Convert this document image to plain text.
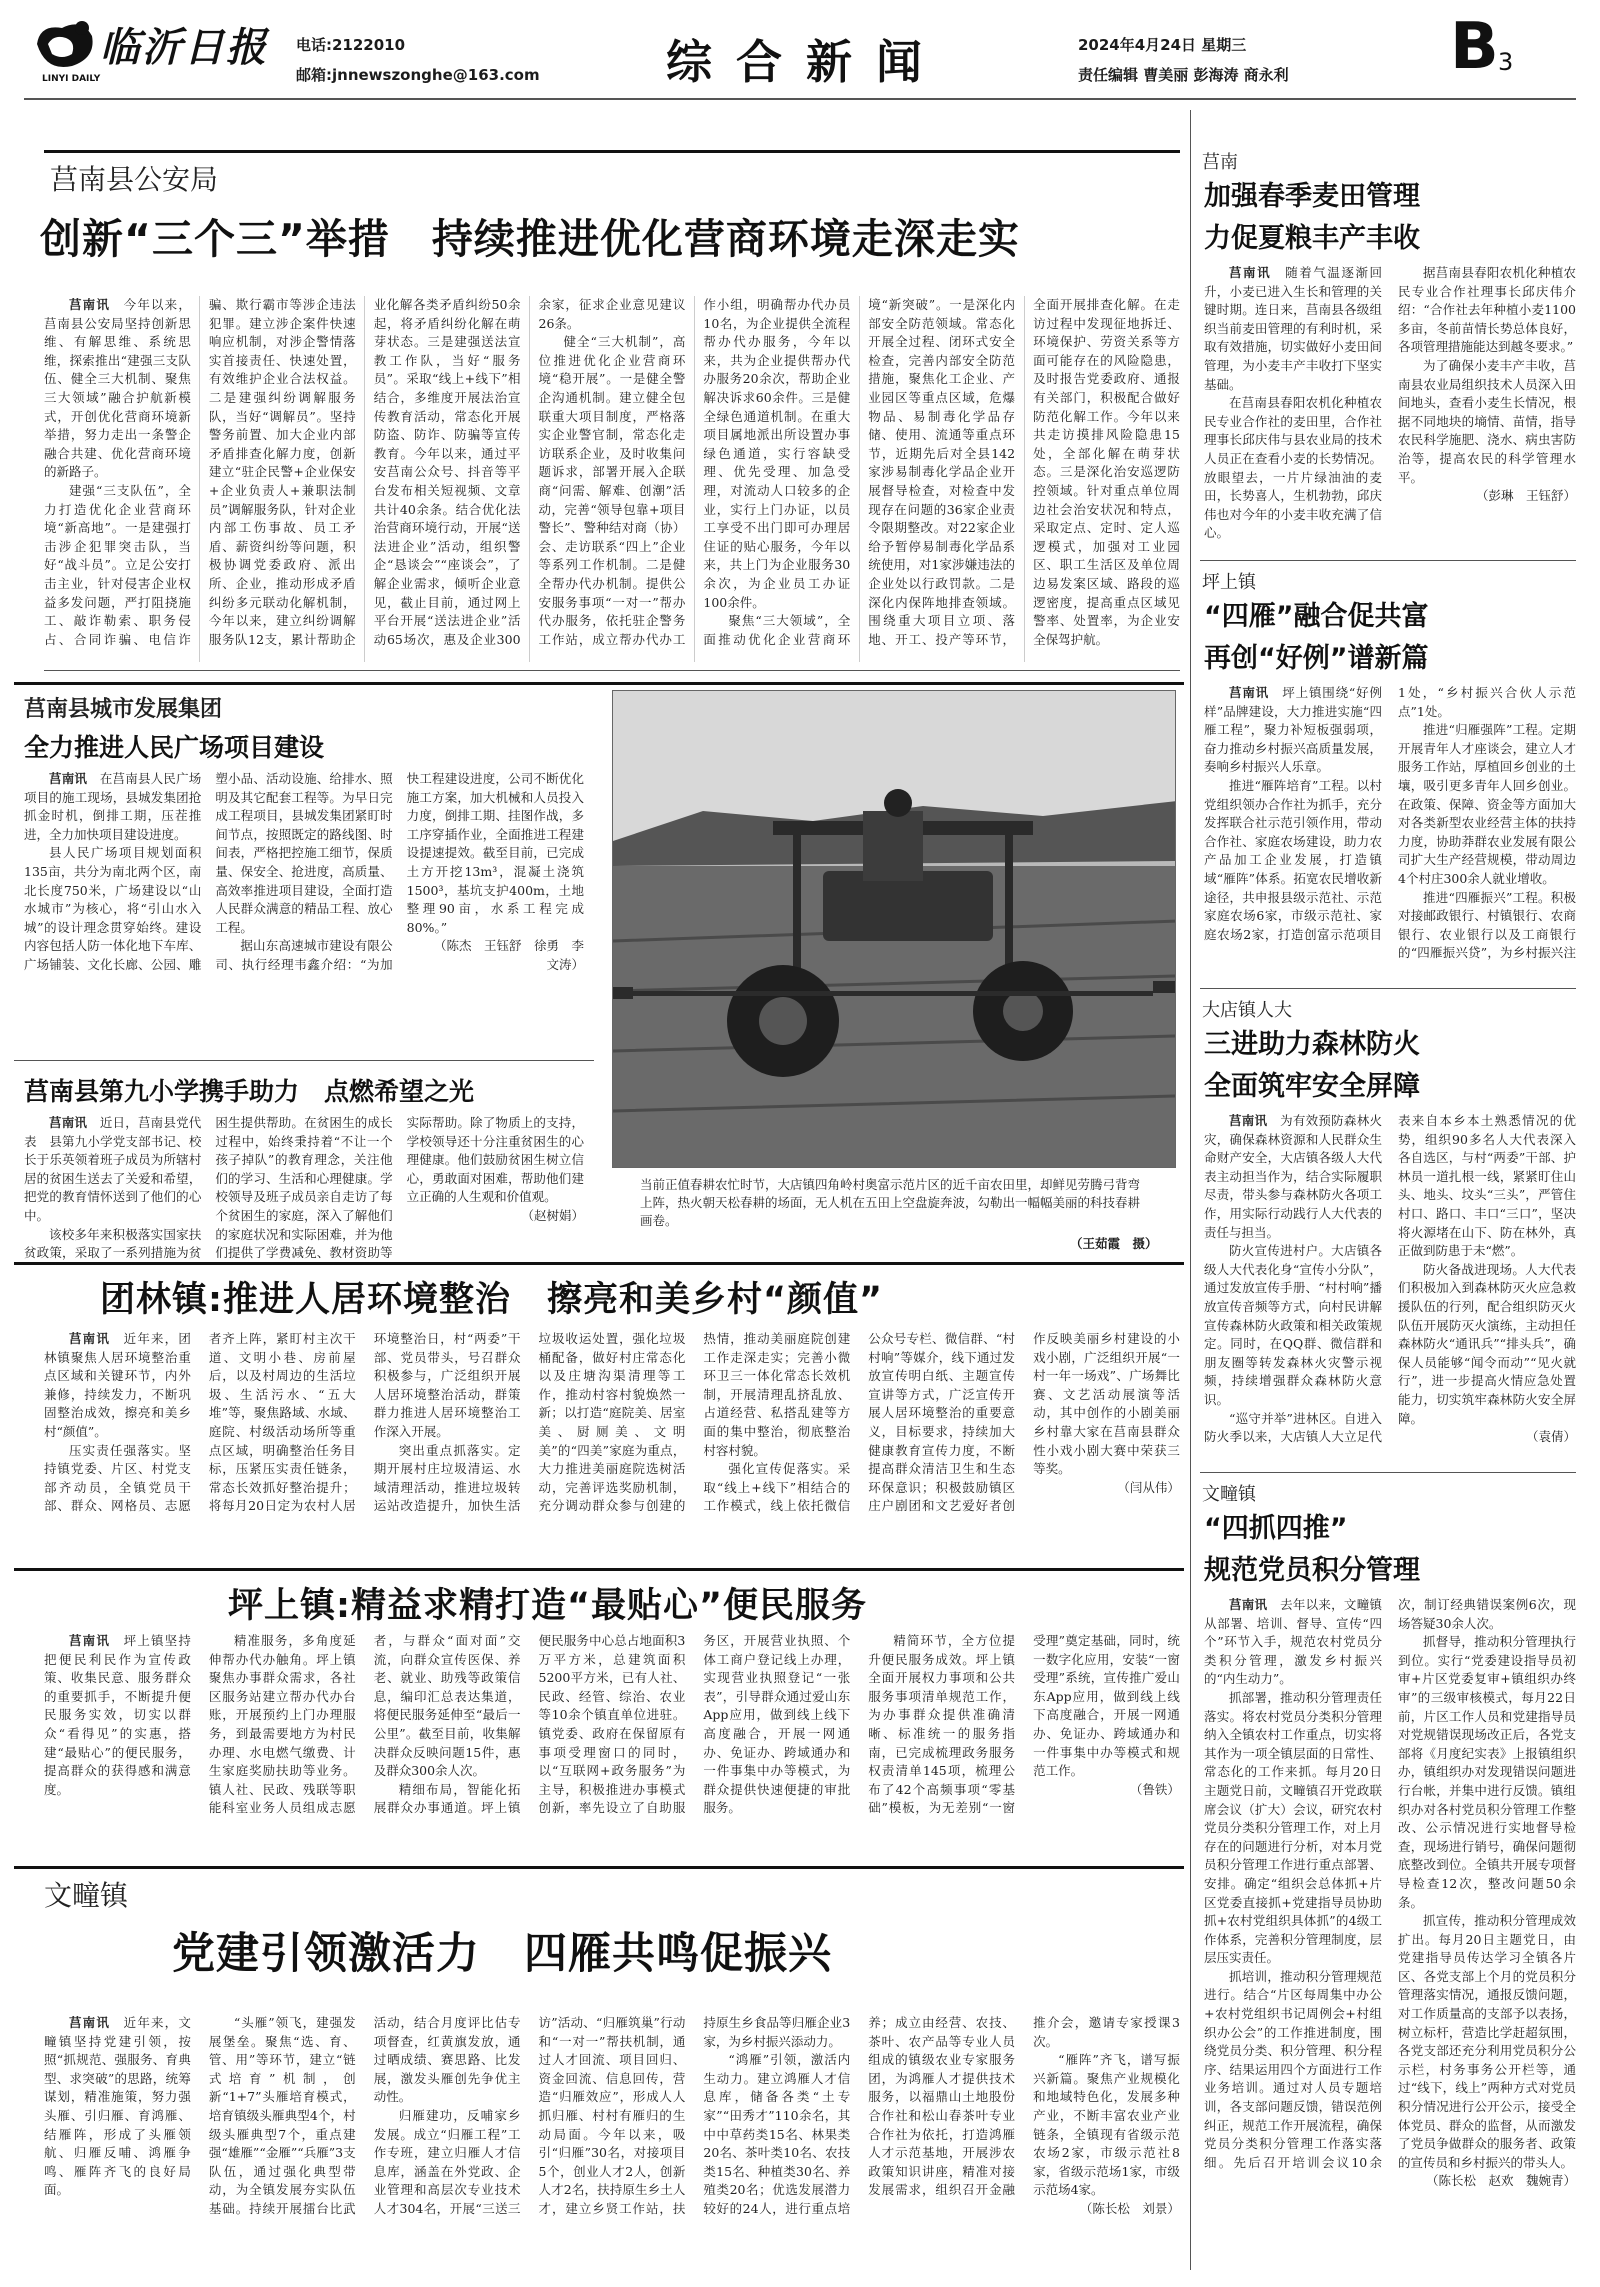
临沂日报
LINYI DAILY
电话:2122010
邮箱:jnnewszonghe@163.com	综 合 新 闻	2024年4月24日 星期三
责任编辑 曹美丽 彭海涛 商永利	B 3
莒南县公安局
创新“三个三”举措　持续推进优化营商环境走深走实

莒南讯　今年以来，莒南县公安局坚持创新思维、有解思维、系统思维，探索推出“建强三支队伍、健全三大机制、聚焦三大领域”融合护航新模式，开创优化营商环境新举措，努力走出一条警企融合共建、优化营商环境的新路子。

建强“三支队伍”，全力打造优化企业营商环境“新高地”。一是建强打击涉企犯罪突击队，当好“战斗员”。立足公安打击主业，针对侵害企业权益多发问题，严打阻挠施工、敲诈勒索、职务侵占、合同诈骗、电信诈骗、欺行霸市等涉企违法犯罪。建立涉企案件快速响应机制，对涉企警情落实首接责任、快速处置，有效维护企业合法权益。二是建强纠纷调解服务队，当好“调解员”。坚持警务前置、加大企业内部矛盾排查化解力度，创新建立“驻企民警+企业保安+企业负责人+兼职法制员”调解服务队，针对企业内部工伤事故、员工矛盾、薪资纠纷等问题，积极协调党委政府、派出所、企业，推动形成矛盾纠纷多元联动化解机制，今年以来，建立纠纷调解服务队12支，累计帮助企业化解各类矛盾纠纷50余起，将矛盾纠纷化解在萌芽状态。三是建强送法宣教工作队，当好“服务员”。采取“线上+线下”相结合，多维度开展法治宣传教育活动，常态化开展防盗、防诈、防骗等宣传教育。今年以来，通过平安莒南公众号、抖音等平台发布相关短视频、文章共计40余条。结合优化法治营商环境行动，开展“送法进企业”活动，组织警企“恳谈会”“座谈会”，了解企业需求，倾听企业意见，截止目前，通过网上平台开展“送法进企业”活动65场次，惠及企业300余家，征求企业意见建议26条。

健全“三大机制”，高位推进优化企业营商环境“稳开展”。一是健全警企沟通机制。建立健全包联重大项目制度，严格落实企业警官制，常态化走访联系企业，及时收集问题诉求，部署开展入企联商“问需、解难、创潮”活动，完善“领导包靠+项目警长”、警种结对商（协）会、走访联系“四上”企业等系列工作机制。二是健全帮办代办机制。提供公安服务事项“一对一”帮办代办服务，依托驻企警务工作站，成立帮办代办工作小组，明确帮办代办员10名，为企业提供全流程帮办代办服务，今年以来，共为企业提供帮办代办服务20余次，帮助企业解决诉求60余件。三是健全绿色通道机制。在重大项目属地派出所设置办事绿色通道，实行容缺受理、优先受理、加急受理，对流动人口较多的企业，实行上门办证，以员工享受不出门即可办理居住证的贴心服务，今年以来，共上门为企业服务30余次，为企业员工办证100余件。

聚焦“三大领域”，全面推动优化企业营商环境“新突破”。一是深化内部安全防范领域。常态化开展全过程、闭环式安全检查，完善内部安全防范措施，聚焦化工企业、产业园区等重点区域，危爆物品、易制毒化学品存储、使用、流通等重点环节，近期先后对全县142家涉易制毒化学品企业开展督导检查，对检查中发现存在问题的36家企业责令限期整改。对22家企业给予暂停易制毒化学品系统使用，对1家涉嫌违法的企业处以行政罚款。二是深化内保阵地排查领域。围绕重大项目立项、落地、开工、投产等环节，全面开展排查化解。在走访过程中发现征地拆迁、环境保护、劳资关系等方面可能存在的风险隐患，及时报告党委政府、通报有关部门，积极配合做好防范化解工作。今年以来共走访摸排风险隐患15处，全部化解在萌芽状态。三是深化治安巡逻防控领域。针对重点单位周边社会治安状况和特点，采取定点、定时、定人巡逻模式，加强对工业园区、职工生活区及单位周边易发案区域、路段的巡逻密度，提高重点区域见警率、处置率，为企业安全保驾护航。

莒南县城市发展集团
全力推进人民广场项目建设

莒南讯　在莒南县人民广场项目的施工现场，县城发集团抢抓金时机，倒排工期，压茬推进，全力加快项目建设进度。

县人民广场项目规划面积135亩，共分为南北两个区，南北长度750米，广场建设以“山水城市”为核心，将“引山水入城”的设计理念贯穿始终。建设内容包括人防一体化地下车库、广场铺装、文化长廊、公园、雕塑小品、活动设施、给排水、照明及其它配套工程等。为早日完成工程项目，县城发集团紧盯时间节点，按照既定的路线图、时间表，严格把控施工细节，保质量、保安全、抢进度，高质量、高效率推进项目建设，全面打造人民群众满意的精品工程、放心工程。

据山东高速城市建设有限公司、执行经理韦鑫介绍：“为加快工程建设进度，公司不断优化施工方案，加大机械和人员投入力度，倒排工期、挂图作战，多工序穿插作业，全面推进工程建设提速提效。截至目前，已完成土方开挖13m³，混凝土浇筑1500³，基坑支护400m，土地整理90亩，水系工程完成80%。”

（陈杰　王钰舒　徐勇　李文涛）

莒南县第九小学携手助力　点燃希望之光

莒南讯　近日，莒南县党代表　县第九小学党支部书记、校长于乐英领着班子成员为所辖村居的贫困生送去了关爱和希望，把党的教育情怀送到了他们的心中。

该校多年来积极落实国家扶贫政策，采取了一系列措施为贫困生提供帮助。在贫困生的成长过程中，始终秉持着“不让一个孩子掉队”的教育理念，关注他们的学习、生活和心理健康。学校领导及班子成员亲自走访了每个贫困生的家庭，深入了解他们的家庭状况和实际困难，并为他们提供了学费减免、教材资助等实际帮助。除了物质上的支持，学校领导还十分注重贫困生的心理健康。他们鼓励贫困生树立信心，勇敢面对困难，帮助他们建立正确的人生观和价值观。

（赵树娟）

当前正值春耕农忙时节，大店镇四角岭村奥富示范片区的近千亩农田里，却鲜见劳腾弓背弯上阵，热火朝天松春耕的场面，无人机在五田上空盘旋奔波，勾勒出一幅幅美丽的科技春耕画卷。
（王茹霞　摄）
团林镇:推进人居环境整治　擦亮和美乡村“颜值”

莒南讯　近年来，团林镇聚焦人居环境整治重点区域和关键环节，内外兼修，持续发力，不断巩固整治成效，擦亮和美乡村“颜值”。

压实责任强落实。坚持镇党委、片区、村党支部齐动员，全镇党员干部、群众、网格员、志愿者齐上阵，紧盯村主次干道、文明小巷、房前屋后，以及村周边的生活垃圾、生活污水、“五大堆”等，聚焦路域、水域、庭院、村级活动场所等重点区域，明确整治任务目标，压紧压实责任链条，常态长效抓好整治提升；将每月20日定为农村人居环境整治日，村“两委”干部、党员带头，号召群众积极参与，广泛组织开展人居环境整治活动，群策群力推进人居环境整治工作深入开展。

突出重点抓落实。定期开展村庄垃圾清运、水域清理活动，推进垃圾转运站改造提升，加快生活垃圾收运处置，强化垃圾桶配备，做好村庄常态化以及庄塘沟渠清理等工作，推动村容村貌焕然一新；以打造“庭院美、居室美、厨厕美、文明美”的“四美”家庭为重点，大力推进美丽庭院选树活动，完善评选奖励机制，充分调动群众参与创建的热情，推动美丽庭院创建工作走深走实；完善小微环卫三一体化常态长效机制，开展清理乱挤乱放、占道经营、私搭乱建等方面的集中整治，彻底整治村容村貌。

强化宣传促落实。采取“线上+线下”相结合的工作模式，线上依托微信公众号专栏、微信群、“村村响”等媒介，线下通过发放宣传明白纸、主题宣传宣讲等方式，广泛宣传开展人居环境整治的重要意义，目标要求，持续加大健康教育宣传力度，不断提高群众清洁卫生和生态环保意识；积极鼓励镇区庄户剧团和文艺爱好者创作反映美丽乡村建设的小戏小剧，广泛组织开展“一村一年一场戏”、广场舞比赛、文艺活动展演等活动，其中创作的小剧美丽乡村靠大家在莒南县群众性小戏小剧大赛中荣获三等奖。

（闫从伟）

坪上镇:精益求精打造“最贴心”便民服务

莒南讯　坪上镇坚持把便民利民作为宣传政策、收集民意、服务群众的重要抓手，不断提升便民服务实效，切实以群众“看得见”的实惠，搭建“最贴心”的便民服务，提高群众的获得感和满意度。

精准服务，多角度延伸帮办代办触角。坪上镇聚焦办事群众需求，各社区服务站建立帮办代办台账，开展预约上门办理服务，到最需要地方为村民办理、水电燃气缴费、计生家庭奖励扶助等业务。镇人社、民政、残联等职能科室业务人员组成志愿者，与群众“面对面”交流，向群众宣传医保、养老、就业、助残等政策信息，编印汇总表达集道，将便民服务延伸至“最后一公里”。截至目前，收集解决群众反映问题15件，惠及群众300余人次。

精细布局，智能化拓展群众办事通道。坪上镇便民服务中心总占地面积3万平方米，总建筑面积5200平方米，已有人社、民政、经管、综治、农业等10余个镇直单位进驻。镇党委、政府在保留原有事项受理窗口的同时，以“互联网+政务服务”为主导，积极推进办事模式创新，率先设立了自助服务区，开展营业执照、个体工商户登记线上办理，实现营业执照登记“一张表”，引导群众通过爱山东App应用，做到线上线下高度融合，开展一网通办、免证办、跨域通办和一件事集中办等模式，为群众提供快速便捷的审批服务。

精简环节，全方位提升便民服务成效。坪上镇全面开展权力事项和公共服务事项清单规范工作，为办事群众提供准确清晰、标准统一的服务指南，已完成梳理政务服务权责清单145项，梳理公布了42个高频事项“零基础”模板，为无差别“一窗受理”奠定基础，同时，统一数字化应用，安装“一窗受理”系统，宣传推广爱山东App应用，做到线上线下高度融合，开展一网通办、免证办、跨域通办和一件事集中办等模式和规范工作。

（鲁铁）

文疃镇
党建引领激活力　四雁共鸣促振兴

莒南讯　近年来，文疃镇坚持党建引领，按照“抓规范、强服务、育典型、求突破”的思路，统筹谋划，精准施策，努力强头雁、引归雁、育鸿雁、结雁阵，形成了头雁领航、归雁反哺、鸿雁争鸣、雁阵齐飞的良好局面。

“头雁”领飞，建强发展堡垒。聚焦“选、育、管、用”等环节，建立“链式培育”机制，创新“1+7”头雁培育模式，培育镇级头雁典型4个，村级头雁典型7个，重点建强“雄雁”“金雁”“兵雁”3支队伍，通过强化典型带动，为全镇发展夯实队伍基础。持续开展擂台比武活动，结合月度评比估专项督查，红黄旗发放，通过晒成绩、赛思路、比发展，激发头雁创先争优主动性。

归雁建功，反哺家乡发展。成立“归雁工程”工作专班，建立归雁人才信息库，涵盖在外党政、企业管理和高层次专业技术人才304名，开展“三送三访”活动、“归雁筑巢”行动和“一对一”帮扶机制，通过人才回流、项目回归、资金回流、信息回传，营造“归雁效应”，形成人人抓归雁、村村有雁归的生动局面。今年以来，吸引“归雁”30名，对接项目5个，创业人才2人，创新人才2名，扶持原生乡土人才，建立乡贤工作站，扶持原生乡食品等归雁企业3家，为乡村振兴添动力。

“鸿雁”引领，激活内生动力。建立鸿雁人才信息库，储备各类“土专家”“田秀才”110余名，其中中草药类15名、林果类20名、茶叶类10名、农技类15名、种植类30名、养殖类20名；优选发展潜力较好的24人，进行重点培养；成立由经营、农技、茶叶、农产品等专业人员组成的镇级农业专家服务团，为鸿雁人才提供技术服务，以福鼎山土地股份合作社和松山春茶叶专业合作社为依托，打造鸿雁人才示范基地，开展涉农政策知识讲座，精准对接发展需求，组织召开金融推介会，邀请专家授课3次。

“雁阵”齐飞，谱写振兴新篇。聚焦产业规模化和地域特色化，发展多种产业，不断丰富农业产业链条，全镇现有省级示范农场2家，市级示范社8家，省级示范场1家，市级示范场4家。

（陈长松　刘景）

莒南
加强春季麦田管理
力促夏粮丰产丰收

莒南讯　随着气温逐渐回升，小麦已进入生长和管理的关键时期。连日来，莒南县各级组织当前麦田管理的有利时机，采取有效措施，切实做好小麦田间管理，为小麦丰产丰收打下坚实基础。

在莒南县春阳农机化种植农民专业合作社的麦田里，合作社理事长邱庆伟与县农业局的技术人员正在查看小麦的长势情况。放眼望去，一片片绿油油的麦田，长势喜人，生机勃勃，邱庆伟也对今年的小麦丰收充满了信心。

据莒南县春阳农机化种植农民专业合作社理事长邱庆伟介绍：“合作社去年种植小麦1100多亩，冬前苗情长势总体良好，各项管理措施能达到越冬要求。”

为了确保小麦丰产丰收，莒南县农业局组织技术人员深入田间地头，查看小麦生长情况，根据不同地块的墒情、苗情，指导农民科学施肥、浇水、病虫害防治等，提高农民的科学管理水平。

（彭琳　王钰舒）

坪上镇
“四雁”融合促共富
再创“好例”谱新篇

莒南讯　坪上镇围绕“好例样”品牌建设，大力推进实施“四雁工程”，聚力补短板强弱项，奋力推动乡村振兴高质量发展，奏响乡村振兴人乐章。

推进“雁阵培育”工程。以村党组织领办合作社为抓手，充分发挥联合社示范引领作用，带动合作社、家庭农场建设，助力农产品加工企业发展，打造镇域“雁阵”体系。拓宽农民增收新途径，共申报县级示范社、示范家庭农场6家，市级示范社、家庭农场2家，打造创富示范项目1处，“乡村振兴合伙人示范点”1处。

推进“归雁强阵”工程。定期开展青年人才座谈会，建立人才服务工作站，厚植回乡创业的土壤，吸引更多青年人回乡创业。在政策、保障、资金等方面加大对各类新型农业经营主体的扶持力度，协助莽群农业发展有限公司扩大生产经营规模，带动周边4个村庄300余人就业增收。

推进“四雁振兴”工程。积极对接邮政银行、村镇银行、农商银行、农业银行以及工商银行的“四雁振兴贷”，为乡村振兴注

大店镇人大
三进助力森林防火
全面筑牢安全屏障

莒南讯　为有效预防森林火灾，确保森林资源和人民群众生命财产安全，大店镇各级人大代表主动担当作为，结合实际履职尽责，带头参与森林防火各项工作，用实际行动践行人大代表的责任与担当。

防火宣传进村户。大店镇各级人大代表化身“宣传小分队”，通过发放宣传手册、“村村响”播放宣传音频等方式，向村民讲解宣传森林防火政策和相关政策规定。同时，在QQ群、微信群和朋友圈等转发森林火灾警示视频，持续增强群众森林防火意识。

“巡守并举”进林区。自进入防火季以来，大店镇人大立足代表来自本乡本土熟悉情况的优势，组织90多名人大代表深入各自选区，与村“两委”干部、护林员一道扎根一线，紧紧盯住山头、地头、坟头“三头”，严管住村口、路口、丰口“三口”，坚决将火源堵在山下、防在林外，真正做到防患于未“燃”。

防火备战进现场。人大代表们积极加入到森林防灭火应急救援队伍的行列，配合组织防灭火队伍开展防灭火演练，主动担任森林防火“通讯兵”“排头兵”，确保人员能够“闻令而动”“见火就行”，进一步提高火情应急处置能力，切实筑牢森林防火安全屏障。

（袁倩）

文疃镇
“四抓四推”
规范党员积分管理

莒南讯　去年以来，文疃镇从部署、培训、督导、宣传“四个”环节入手，规范农村党员分类积分管理，激发乡村振兴的“内生动力”。

抓部署，推动积分管理责任落实。将农村党员分类积分管理纳入全镇农村工作重点，切实将其作为一项全镇层面的日常性、常态化的工作来抓。每月20日主题党日前，文疃镇召开党政联席会议（扩大）会议，研究农村党员分类积分管理工作，对上月存在的问题进行分析，对本月党员积分管理工作进行重点部署、安排。确定“组织会总体抓+片区党委直接抓+党建指导员协助抓+农村党组织具体抓”的4级工作体系，完善积分管理制度，层层压实责任。

抓培训，推动积分管理规范进行。结合“片区每周集中办公+农村党组织书记周例会+村组织办公会”的工作推进制度，围绕党员分类、积分管理、积分程序、结果运用四个方面进行工作业务培训。通过对人员专题培训，各支部问题反馈，错误范例纠正，规范工作开展流程，确保党员分类积分管理工作落实落细。先后召开培训会议10余次，制订经典错误案例6次，现场答疑30余人次。

抓督导，推动积分管理执行到位。实行“党委建设指导员初审+片区党委复审+镇组织办终审”的三级审核模式，每月22日前，片区工作人员和党建指导员对党规错误现场改正后，各党支部将《月度纪实表》上报镇组织办，镇组织办对发现错误问题进行台帐，并集中进行反馈。镇组织办对各村党员积分管理工作整改、公示情况进行实地督导检查，现场进行销号，确保问题彻底整改到位。全镇共开展专项督导检查12次，整改问题50余条。

抓宣传，推动积分管理成效扩出。每月20日主题党日，由党建指导员传达学习全镇各片区、各党支部上个月的党员积分管理落实情况，通报反馈问题，对工作质量高的支部予以表扬，树立标杆，营造比学赶超氛围，各党支部还充分利用党员积分公示栏，村务事务公开栏等，通过“线下，线上”两种方式对党员积分情况进行公开公示，接受全体党员、群众的监督，从而激发了党员争做群众的服务者、政策的宣传员和乡村振兴的带头人。

（陈长松　赵欢　魏婉青）
